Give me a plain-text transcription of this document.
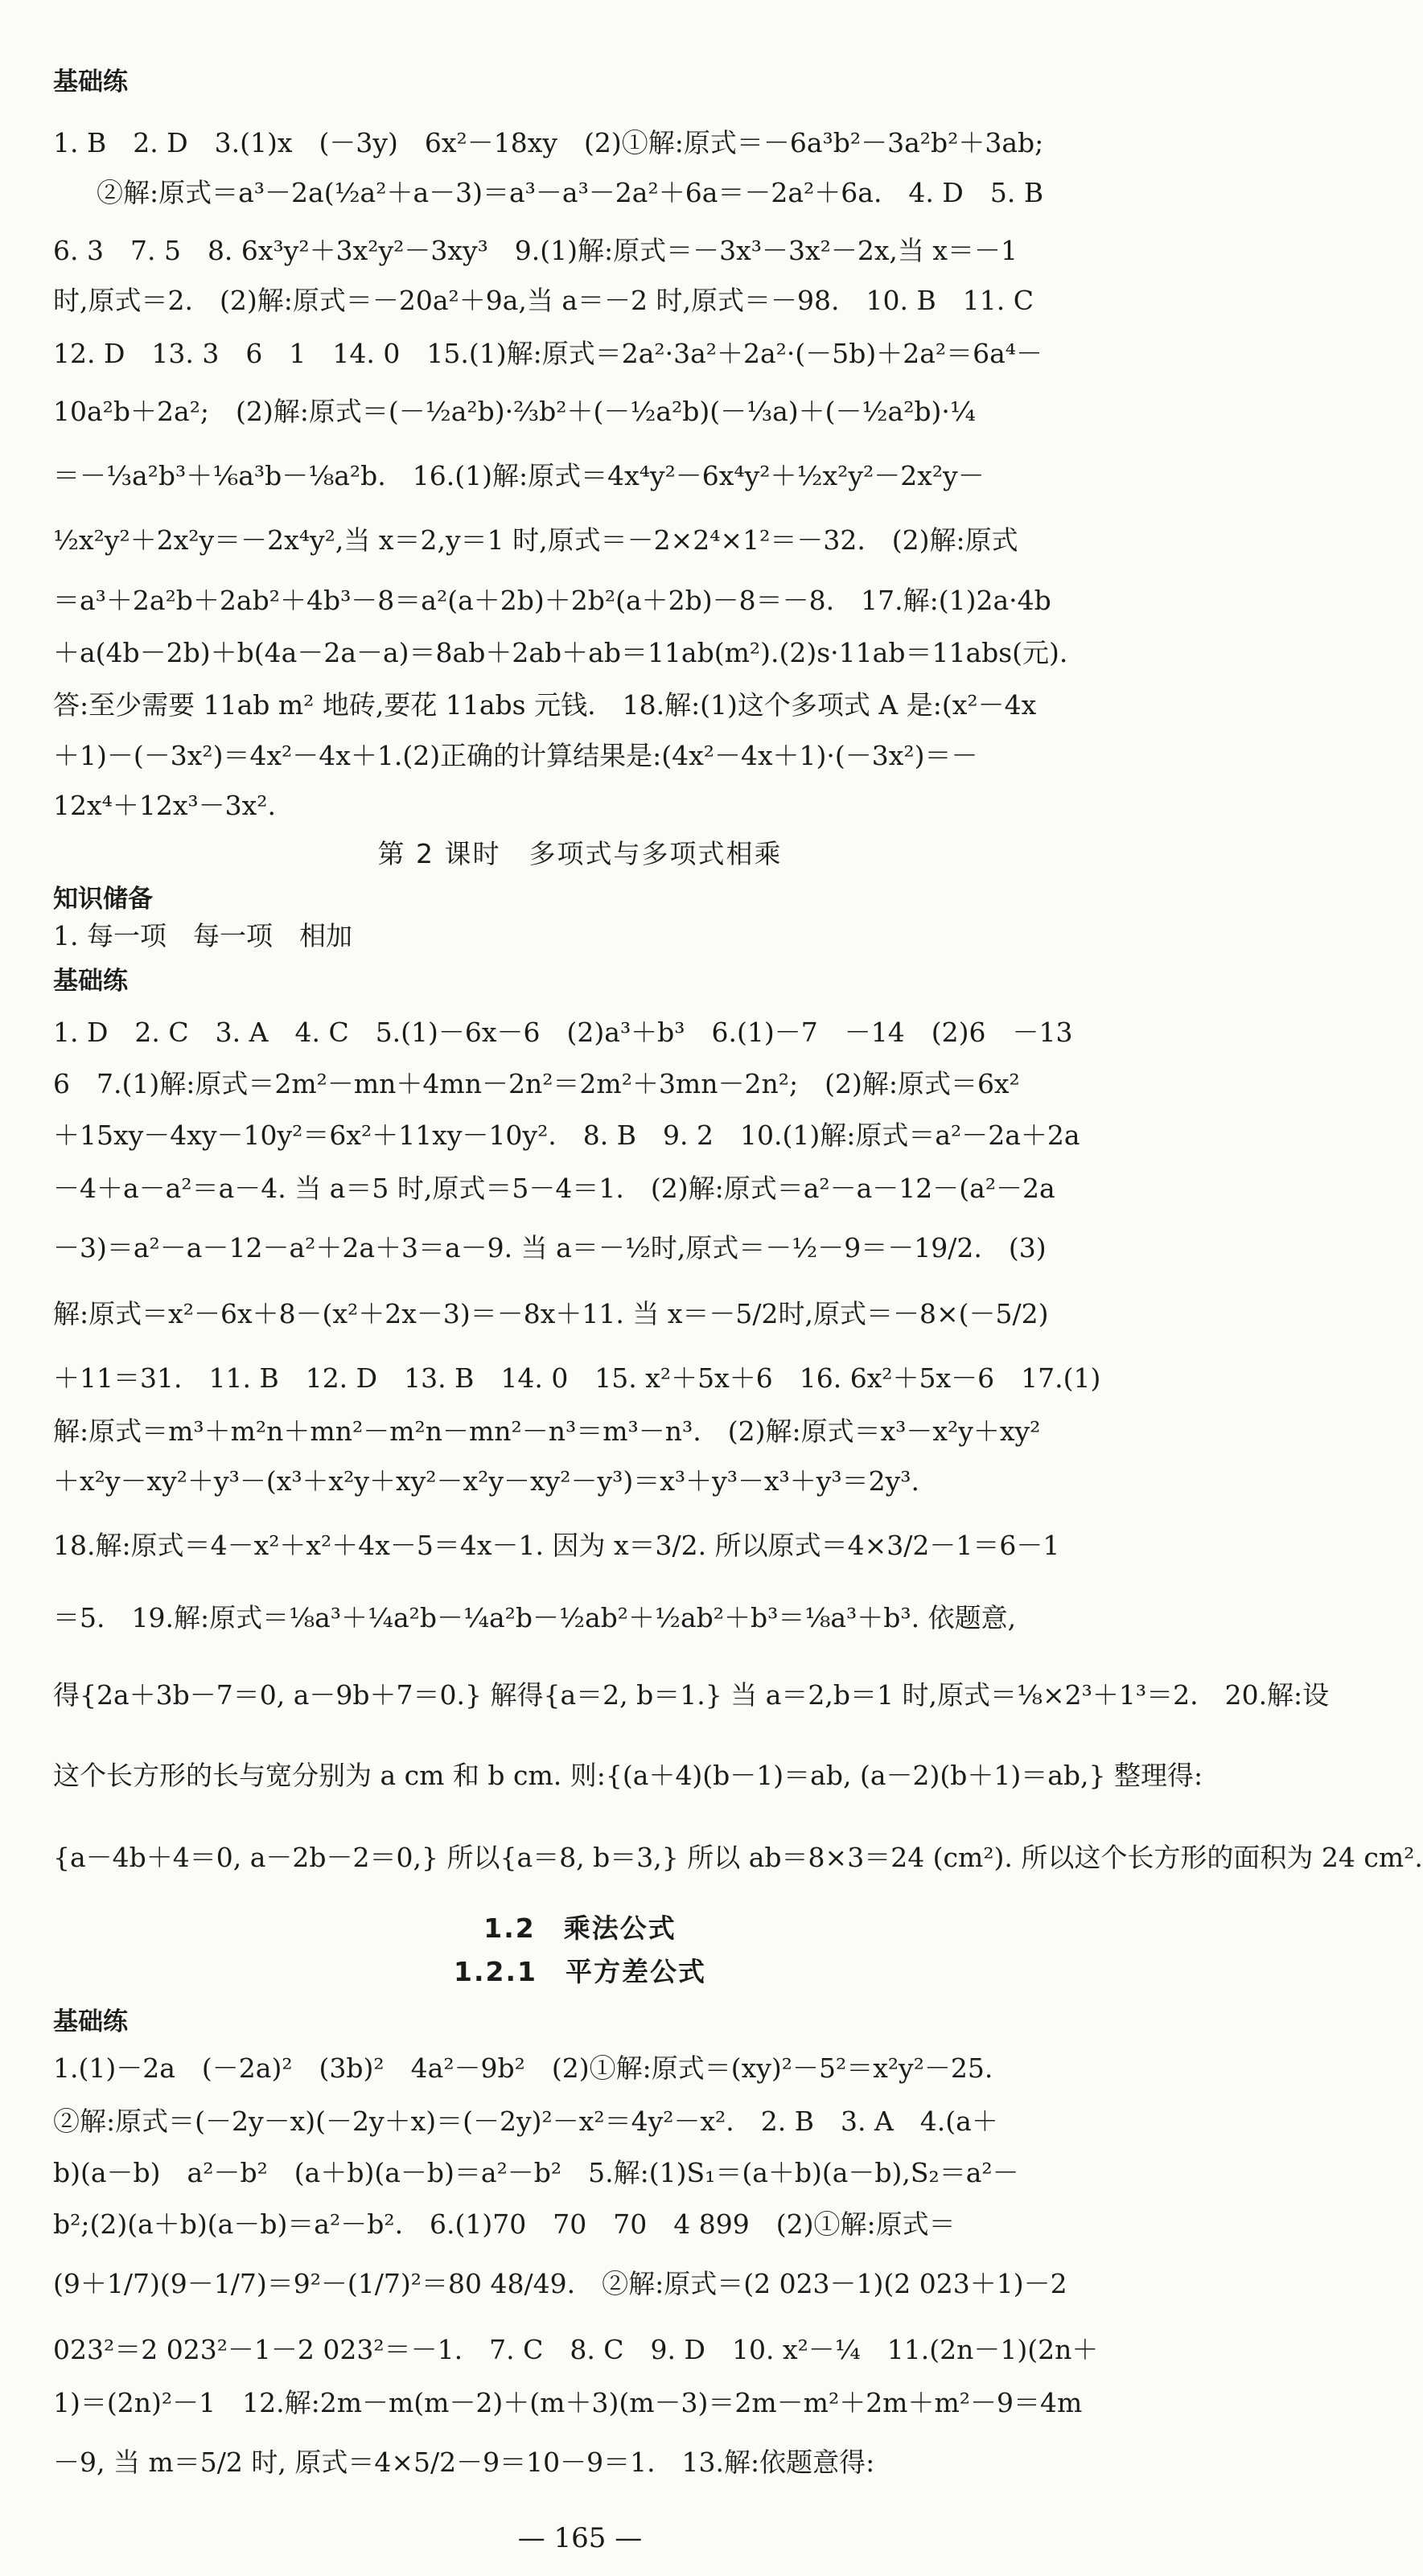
基础练
1. B　2. D　3.(1)x　(－3y)　6x²－18xy　(2)①解:原式＝－6a³b²－3a²b²＋3ab;
②解:原式＝a³－2a(½a²＋a－3)＝a³－a³－2a²＋6a＝－2a²＋6a.　4. D　5. B
6. 3　7. 5　8. 6x³y²＋3x²y²－3xy³　9.(1)解:原式＝－3x³－3x²－2x,当 x＝－1
时,原式＝2.　(2)解:原式＝－20a²＋9a,当 a＝－2 时,原式＝－98.　10. B　11. C
12. D　13. 3　6　1　14. 0　15.(1)解:原式＝2a²·3a²＋2a²·(－5b)＋2a²＝6a⁴－
10a²b＋2a²;　(2)解:原式＝(－½a²b)·⅔b²＋(－½a²b)(－⅓a)＋(－½a²b)·¼
＝－⅓a²b³＋⅙a³b－⅛a²b.　16.(1)解:原式＝4x⁴y²－6x⁴y²＋½x²y²－2x²y－
½x²y²＋2x²y＝－2x⁴y²,当 x＝2,y＝1 时,原式＝－2×2⁴×1²＝－32.　(2)解:原式
＝a³＋2a²b＋2ab²＋4b³－8＝a²(a＋2b)＋2b²(a＋2b)－8＝－8.　17.解:(1)2a·4b
＋a(4b－2b)＋b(4a－2a－a)＝8ab＋2ab＋ab＝11ab(m²).(2)s·11ab＝11abs(元).
答:至少需要 11ab m² 地砖,要花 11abs 元钱.　18.解:(1)这个多项式 A 是:(x²－4x
＋1)－(－3x²)＝4x²－4x＋1.(2)正确的计算结果是:(4x²－4x＋1)·(－3x²)＝－
12x⁴＋12x³－3x².
第 2 课时　多项式与多项式相乘
知识储备
1. 每一项　每一项　相加
基础练
1. D　2. C　3. A　4. C　5.(1)－6x－6　(2)a³＋b³　6.(1)－7　－14　(2)6　－13
6　7.(1)解:原式＝2m²－mn＋4mn－2n²＝2m²＋3mn－2n²;　(2)解:原式＝6x²
＋15xy－4xy－10y²＝6x²＋11xy－10y².　8. B　9. 2　10.(1)解:原式＝a²－2a＋2a
－4＋a－a²＝a－4. 当 a＝5 时,原式＝5－4＝1.　(2)解:原式＝a²－a－12－(a²－2a
－3)＝a²－a－12－a²＋2a＋3＝a－9. 当 a＝－½时,原式＝－½－9＝－19/2.　(3)
解:原式＝x²－6x＋8－(x²＋2x－3)＝－8x＋11. 当 x＝－5/2时,原式＝－8×(－5/2)
＋11＝31.　11. B　12. D　13. B　14. 0　15. x²＋5x＋6　16. 6x²＋5x－6　17.(1)
解:原式＝m³＋m²n＋mn²－m²n－mn²－n³＝m³－n³.　(2)解:原式＝x³－x²y＋xy²
＋x²y－xy²＋y³－(x³＋x²y＋xy²－x²y－xy²－y³)＝x³＋y³－x³＋y³＝2y³.
18.解:原式＝4－x²＋x²＋4x－5＝4x－1. 因为 x＝3/2. 所以原式＝4×3/2－1＝6－1
＝5.　19.解:原式＝⅛a³＋¼a²b－¼a²b－½ab²＋½ab²＋b³＝⅛a³＋b³. 依题意,
得{2a＋3b－7＝0, a－9b＋7＝0.} 解得{a＝2, b＝1.} 当 a＝2,b＝1 时,原式＝⅛×2³＋1³＝2.　20.解:设
这个长方形的长与宽分别为 a cm 和 b cm. 则:{(a＋4)(b－1)＝ab, (a－2)(b＋1)＝ab,} 整理得:
{a－4b＋4＝0, a－2b－2＝0,} 所以{a＝8, b＝3,} 所以 ab＝8×3＝24 (cm²). 所以这个长方形的面积为 24 cm².
1.2　乘法公式
1.2.1　平方差公式
基础练
1.(1)－2a　(－2a)²　(3b)²　4a²－9b²　(2)①解:原式＝(xy)²－5²＝x²y²－25.
②解:原式＝(－2y－x)(－2y＋x)＝(－2y)²－x²＝4y²－x².　2. B　3. A　4.(a＋
b)(a－b)　a²－b²　(a＋b)(a－b)＝a²－b²　5.解:(1)S₁＝(a＋b)(a－b),S₂＝a²－
b²;(2)(a＋b)(a－b)＝a²－b².　6.(1)70　70　70　4 899　(2)①解:原式＝
(9＋1/7)(9－1/7)＝9²－(1/7)²＝80 48/49.　②解:原式＝(2 023－1)(2 023＋1)－2
023²＝2 023²－1－2 023²＝－1.　7. C　8. C　9. D　10. x²－¼　11.(2n－1)(2n＋
1)＝(2n)²－1　12.解:2m－m(m－2)＋(m＋3)(m－3)＝2m－m²＋2m＋m²－9＝4m
－9, 当 m＝5/2 时, 原式＝4×5/2－9＝10－9＝1.　13.解:依题意得:
— 165 —
